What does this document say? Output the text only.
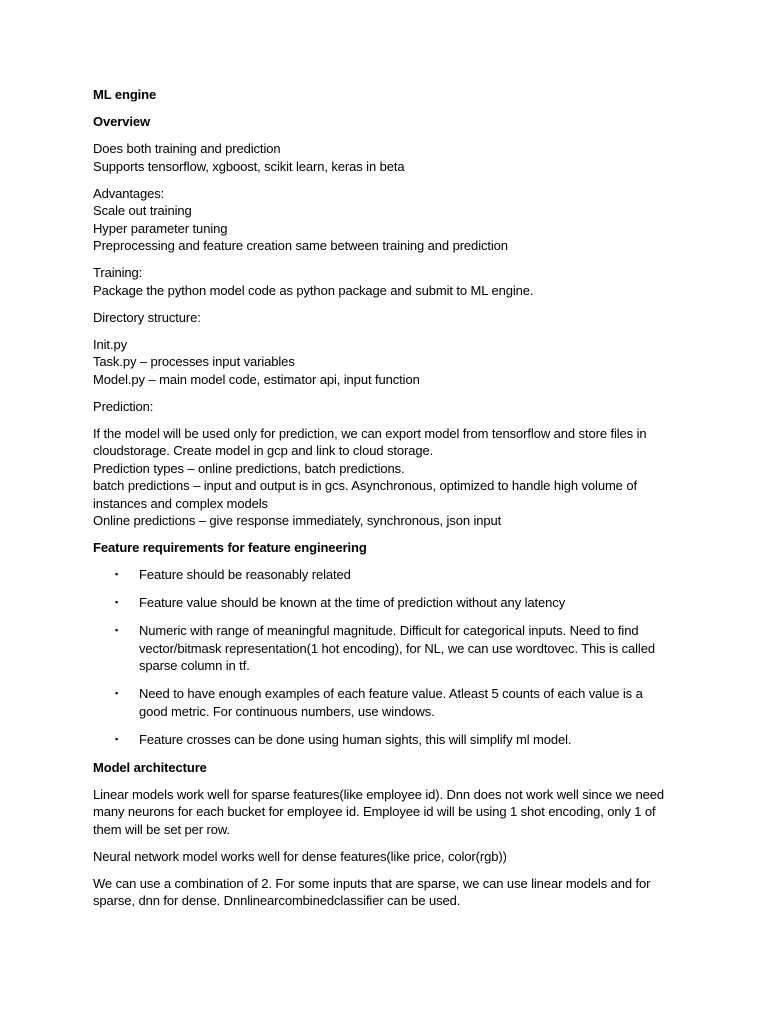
ML engine
Overview
Does both training and prediction
Supports tensorflow, xgboost, scikit learn, keras in beta
Advantages:
Scale out training
Hyper parameter tuning
Preprocessing and feature creation same between training and prediction
Training:
Package the python model code as python package and submit to ML engine.
Directory structure:
Init.py
Task.py – processes input variables
Model.py – main model code, estimator api, input function
Prediction:
If the model will be used only for prediction, we can export model from tensorflow and store files in
cloudstorage. Create model in gcp and link to cloud storage.
Prediction types – online predictions, batch predictions.
batch predictions – input and output is in gcs. Asynchronous, optimized to handle high volume of
instances and complex models
Online predictions – give response immediately, synchronous, json input
Feature requirements for feature engineering
▪ Feature should be reasonably related
▪ Feature value should be known at the time of prediction without any latency
▪ Numeric with range of meaningful magnitude. Difficult for categorical inputs. Need to find
vector/bitmask representation(1 hot encoding), for NL, we can use wordtovec. This is called
sparse column in tf.
▪ Need to have enough examples of each feature value. Atleast 5 counts of each value is a
good metric. For continuous numbers, use windows.
▪ Feature crosses can be done using human sights, this will simplify ml model.
Model architecture
Linear models work well for sparse features(like employee id). Dnn does not work well since we need
many neurons for each bucket for employee id. Employee id will be using 1 shot encoding, only 1 of
them will be set per row.
Neural network model works well for dense features(like price, color(rgb))
We can use a combination of 2. For some inputs that are sparse, we can use linear models and for
sparse, dnn for dense. Dnnlinearcombinedclassifier can be used.
